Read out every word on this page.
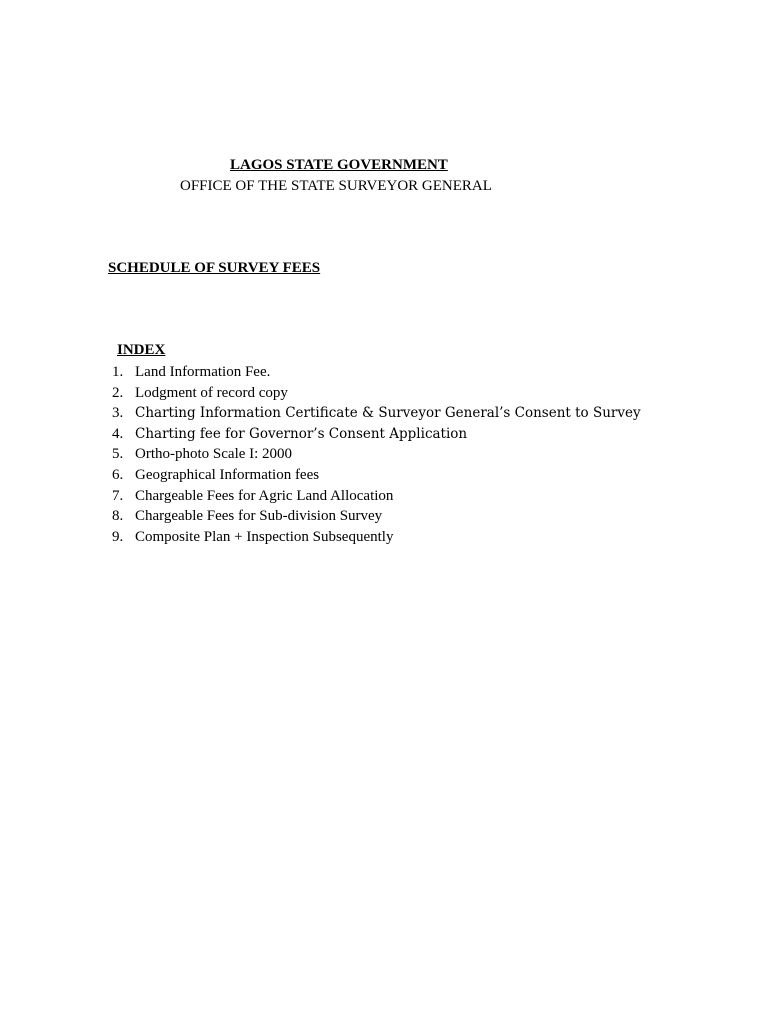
LAGOS STATE GOVERNMENT
OFFICE OF THE STATE SURVEYOR GENERAL
SCHEDULE OF SURVEY FEES
INDEX
1. Land Information Fee.
2. Lodgment of record copy
3. Charting Information Certificate & Surveyor General’s Consent to Survey
4. Charting fee for Governor’s Consent Application
5. Ortho-photo Scale I: 2000
6. Geographical Information fees
7. Chargeable Fees for Agric Land Allocation
8. Chargeable Fees for Sub-division Survey
9. Composite Plan + Inspection Subsequently
